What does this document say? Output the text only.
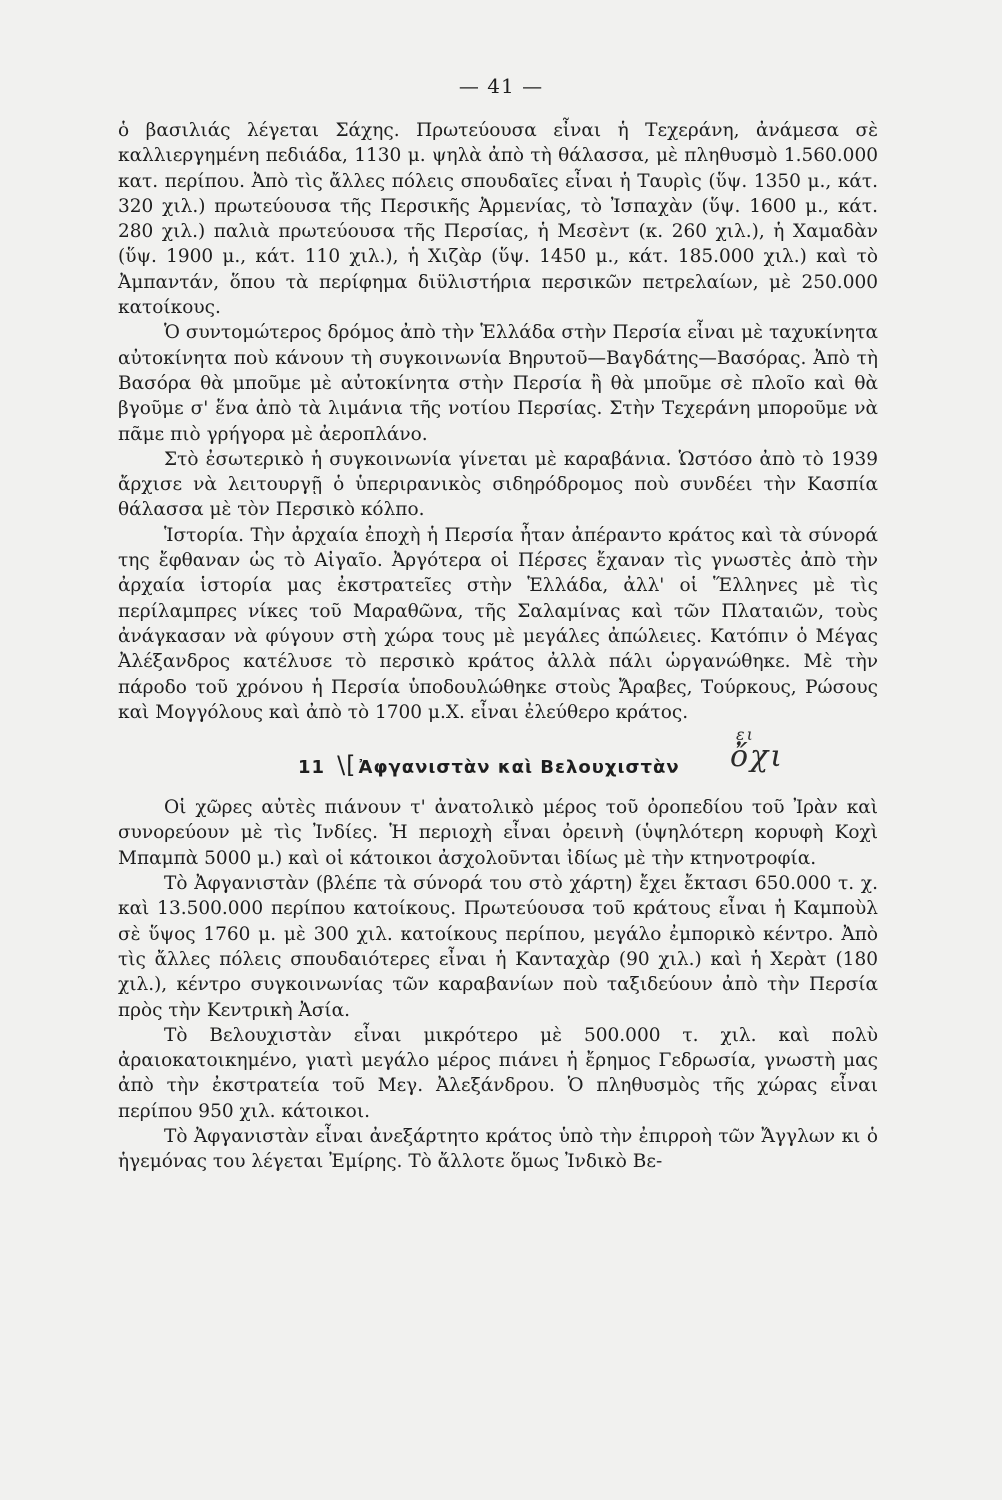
— 41 —

ὁ βασιλιάς λέγεται Σάχης. Πρωτεύουσα εἶναι ἡ Τεχεράνη, ἀνάμεσα σὲ καλλιεργημένη πεδιάδα, 1130 μ. ψηλὰ ἀπὸ τὴ θάλασσα, μὲ πληθυσμὸ 1.560.000 κατ. περίπου. Ἀπὸ τὶς ἄλλες πόλεις σπουδαῖες εἶναι ἡ Ταυρὶς (ὕψ. 1350 μ., κάτ. 320 χιλ.) πρωτεύουσα τῆς Περσικῆς Ἀρμενίας, τὸ Ἰσπαχὰν (ὕψ. 1600 μ., κάτ. 280 χιλ.) παλιὰ πρωτεύουσα τῆς Περσίας, ἡ Μεσὲντ (κ. 260 χιλ.), ἡ Χαμαδὰν (ὕψ. 1900 μ., κάτ. 110 χιλ.), ἡ Χιζὰρ (ὕψ. 1450 μ., κάτ. 185.000 χιλ.) καὶ τὸ Ἀμπαντάν, ὅπου τὰ περίφημα διϋλιστήρια περσικῶν πετρελαίων, μὲ 250.000 κατοίκους.

Ὁ συντομώτερος δρόμος ἀπὸ τὴν Ἑλλάδα στὴν Περσία εἶναι μὲ ταχυκίνητα αὐτοκίνητα ποὺ κάνουν τὴ συγκοινωνία Βηρυτοῦ—Βαγδάτης—Βασόρας. Ἀπὸ τὴ Βασόρα θὰ μποῦμε μὲ αὐτοκίνητα στὴν Περσία ἢ θὰ μποῦμε σὲ πλοῖο καὶ θὰ βγοῦμε σ' ἕνα ἀπὸ τὰ λιμάνια τῆς νοτίου Περσίας. Στὴν Τεχεράνη μποροῦμε νὰ πᾶμε πιὸ γρήγορα μὲ ἀεροπλάνο.

Στὸ ἐσωτερικὸ ἡ συγκοινωνία γίνεται μὲ καραβάνια. Ὡστόσο ἀπὸ τὸ 1939 ἄρχισε νὰ λειτουργῇ ὁ ὑπεριρανικὸς σιδηρόδρομος ποὺ συνδέει τὴν Κασπία θάλασσα μὲ τὸν Περσικὸ κόλπο.

Ἱστορία. Τὴν ἀρχαία ἐποχὴ ἡ Περσία ἦταν ἀπέραντο κράτος καὶ τὰ σύνορά της ἔφθαναν ὡς τὸ Αἰγαῖο. Ἀργότερα οἱ Πέρσες ἔχαναν τὶς γνωστὲς ἀπὸ τὴν ἀρχαία ἱστορία μας ἐκστρατεῖες στὴν Ἑλλάδα, ἀλλ' οἱ Ἕλληνες μὲ τὶς περίλαμπρες νίκες τοῦ Μαραθῶνα, τῆς Σαλαμίνας καὶ τῶν Πλαταιῶν, τοὺς ἀνάγκασαν νὰ φύγουν στὴ χώρα τους μὲ μεγάλες ἀπώλειες. Κατόπιν ὁ Μέγας Ἀλέξανδρος κατέλυσε τὸ περσικὸ κράτος ἀλλὰ πάλι ὡργανώθηκε. Μὲ τὴν πάροδο τοῦ χρόνου ἡ Περσία ὑποδουλώθηκε στοὺς Ἄραβες, Τούρκους, Ρώσους καὶ Μογγόλους καὶ ἀπὸ τὸ 1700 μ.Χ. εἶναι ἐλεύθερο κράτος.

11 \[ Ἀφγανιστὰν καὶ Βελουχιστὰν
ει
ὄχι

Οἱ χῶρες αὐτὲς πιάνουν τ' ἀνατολικὸ μέρος τοῦ ὀροπεδίου τοῦ Ἰρὰν καὶ συνορεύουν μὲ τὶς Ἰνδίες. Ἡ περιοχὴ εἶναι ὀρεινὴ (ὑψηλότερη κορυφὴ Κοχὶ Μπαμπὰ 5000 μ.) καὶ οἱ κάτοικοι ἀσχολοῦνται ἰδίως μὲ τὴν κτηνοτροφία.

Τὸ Ἀφγανιστὰν (βλέπε τὰ σύνορά του στὸ χάρτη) ἔχει ἔκτασι 650.000 τ. χ. καὶ 13.500.000 περίπου κατοίκους. Πρωτεύουσα τοῦ κράτους εἶναι ἡ Καμποὺλ σὲ ὕψος 1760 μ. μὲ 300 χιλ. κατοίκους περίπου, μεγάλο ἐμπορικὸ κέντρο. Ἀπὸ τὶς ἄλλες πόλεις σπουδαιότερες εἶναι ἡ Κανταχὰρ (90 χιλ.) καὶ ἡ Χερὰτ (180 χιλ.), κέντρο συγκοινωνίας τῶν καραβανίων ποὺ ταξιδεύουν ἀπὸ τὴν Περσία πρὸς τὴν Κεντρικὴ Ἀσία.

Τὸ Βελουχιστὰν εἶναι μικρότερο μὲ 500.000 τ. χιλ. καὶ πολὺ ἀραιοκατοικημένο, γιατὶ μεγάλο μέρος πιάνει ἡ ἔρημος Γεδρωσία, γνωστὴ μας ἀπὸ τὴν ἐκστρατεία τοῦ Μεγ. Ἀλεξάνδρου. Ὁ πληθυσμὸς τῆς χώρας εἶναι περίπου 950 χιλ. κάτοικοι.

Τὸ Ἀφγανιστὰν εἶναι ἀνεξάρτητο κράτος ὑπὸ τὴν ἐπιρροὴ τῶν Ἄγγλων κι ὁ ἡγεμόνας του λέγεται Ἐμίρης. Τὸ ἄλλοτε ὅμως Ἰνδικὸ Βε-
